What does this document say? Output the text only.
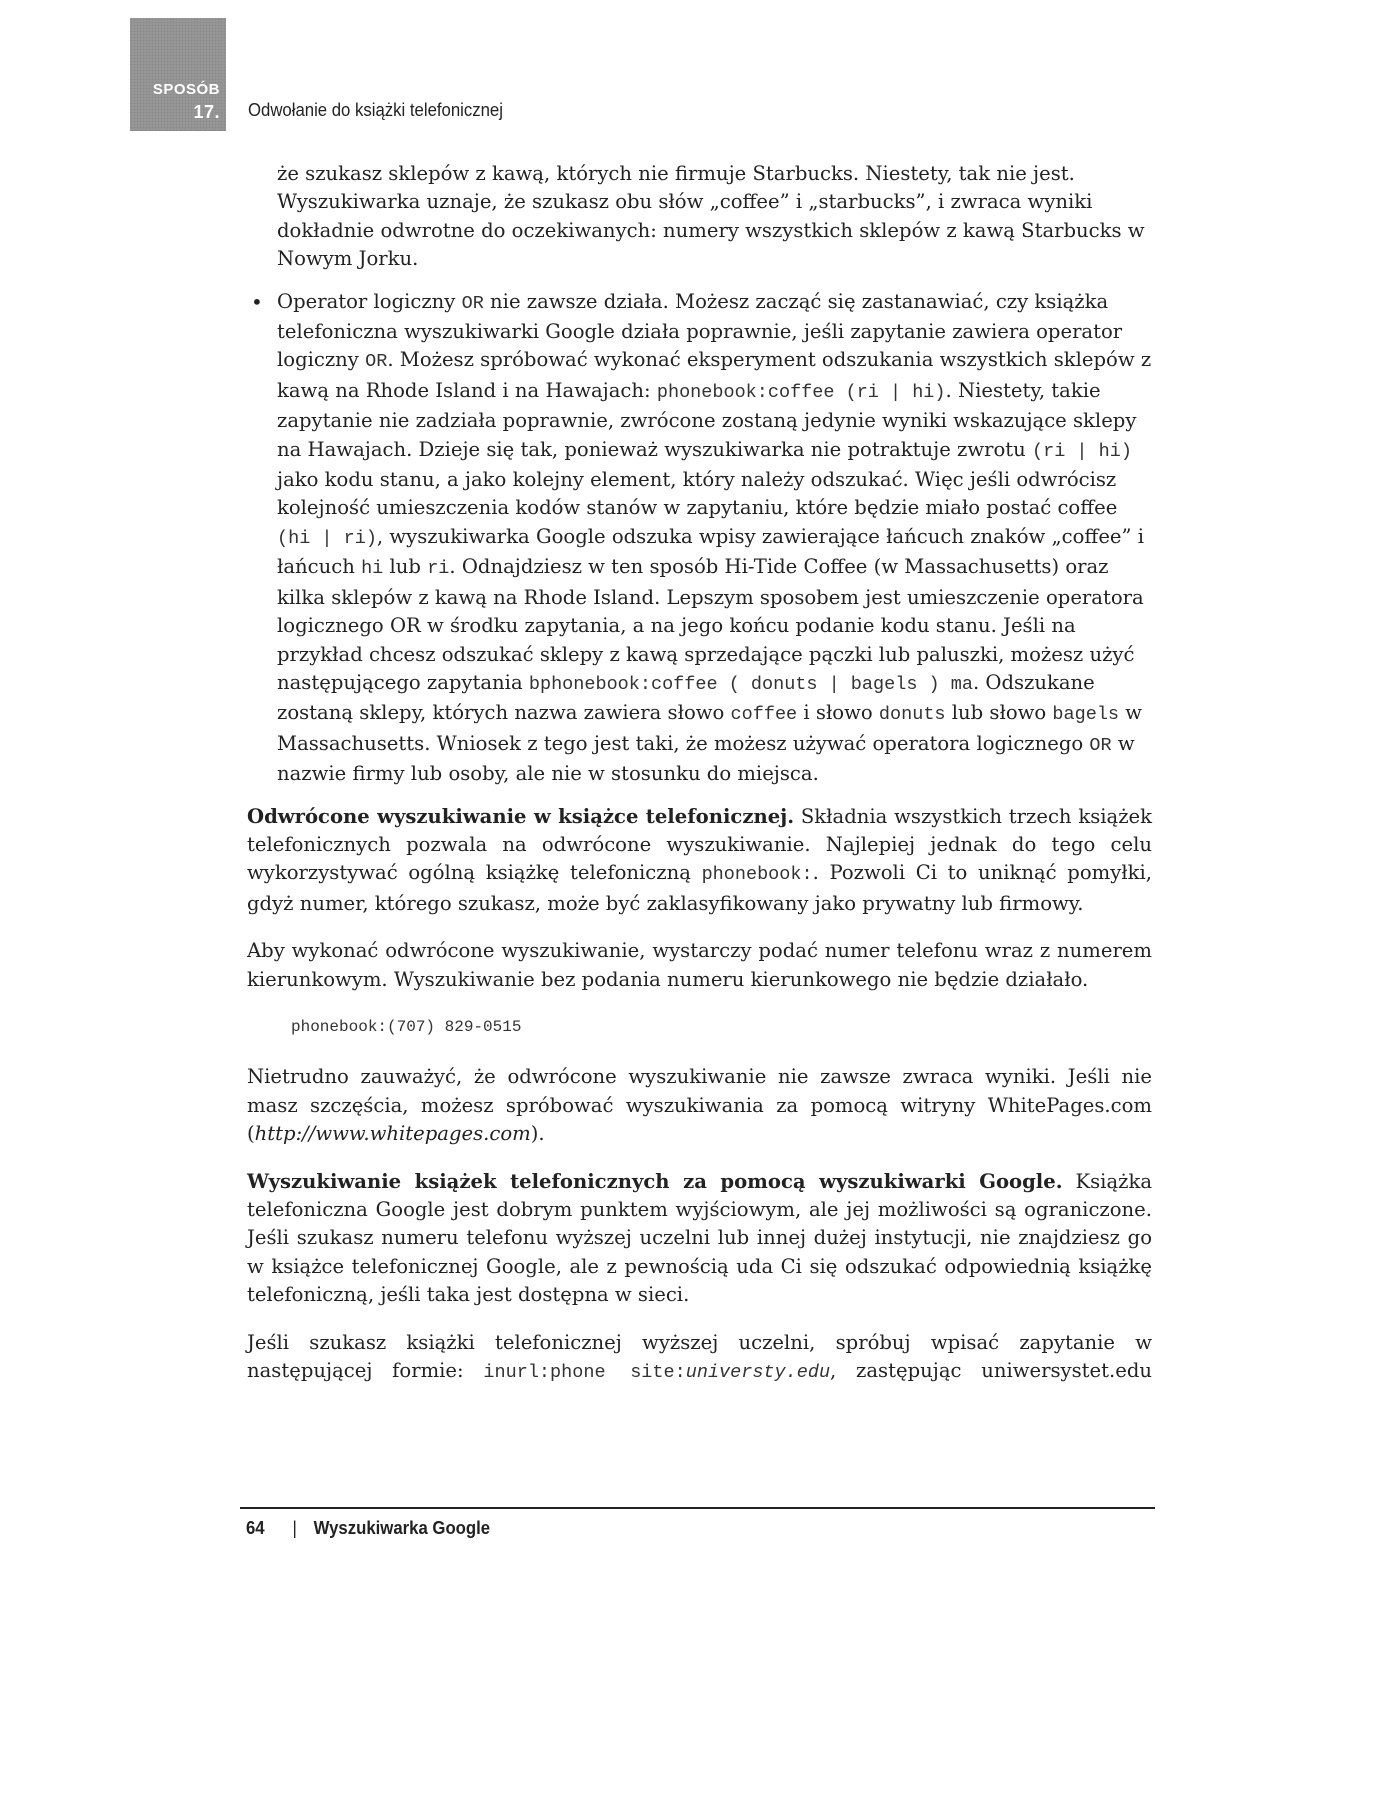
SPOSÓB
17. Odwołanie do książki telefonicznej

że szukasz sklepów z kawą, których nie firmuje Starbucks. Niestety, tak nie jest. Wyszukiwarka uznaje, że szukasz obu słów „coffee” i „starbucks”, i zwraca wyniki dokładnie odwrotne do oczekiwanych: numery wszystkich sklepów z kawą Starbucks w Nowym Jorku.

• Operator logiczny OR nie zawsze działa. Możesz zacząć się zastanawiać, czy książka telefoniczna wyszukiwarki Google działa poprawnie, jeśli zapytanie zawiera operator logiczny OR. Możesz spróbować wykonać eksperyment odszukania wszystkich sklepów z kawą na Rhode Island i na Hawajach: phonebook:coffee (ri | hi). Niestety, takie zapytanie nie zadziała poprawnie, zwrócone zostaną jedynie wyniki wskazujące sklepy na Hawajach. Dzieje się tak, ponieważ wyszukiwarka nie potraktuje zwrotu (ri | hi) jako kodu stanu, a jako kolejny element, który należy odszukać. Więc jeśli odwrócisz kolejność umieszczenia kodów stanów w zapytaniu, które będzie miało postać coffee (hi | ri), wyszukiwarka Google odszuka wpisy zawierające łańcuch znaków „coffee” i łańcuch hi lub ri. Odnajdziesz w ten sposób Hi-Tide Coffee (w Massachusetts) oraz kilka sklepów z kawą na Rhode Island. Lepszym sposobem jest umieszczenie operatora logicznego OR w środku zapytania, a na jego końcu podanie kodu stanu. Jeśli na przykład chcesz odszukać sklepy z kawą sprzedające pączki lub paluszki, możesz użyć następującego zapytania bphonebook:coffee ( donuts | bagels ) ma. Odszukane zostaną sklepy, których nazwa zawiera słowo coffee i słowo donuts lub słowo bagels w Massachusetts. Wniosek z tego jest taki, że możesz używać operatora logicznego OR w nazwie firmy lub osoby, ale nie w stosunku do miejsca.

Odwrócone wyszukiwanie w książce telefonicznej. Składnia wszystkich trzech książek telefonicznych pozwala na odwrócone wyszukiwanie. Najlepiej jednak do tego celu wykorzystywać ogólną książkę telefoniczną phonebook:. Pozwoli Ci to uniknąć pomyłki, gdyż numer, którego szukasz, może być zaklasyfikowany jako prywatny lub firmowy.

Aby wykonać odwrócone wyszukiwanie, wystarczy podać numer telefonu wraz z numerem kierunkowym. Wyszukiwanie bez podania numeru kierunkowego nie będzie działało.

phonebook:(707) 829-0515

Nietrudno zauważyć, że odwrócone wyszukiwanie nie zawsze zwraca wyniki. Jeśli nie masz szczęścia, możesz spróbować wyszukiwania za pomocą witryny WhitePages.com (http://www.whitepages.com).

Wyszukiwanie książek telefonicznych za pomocą wyszukiwarki Google. Książka telefoniczna Google jest dobrym punktem wyjściowym, ale jej możliwości są ograniczone. Jeśli szukasz numeru telefonu wyższej uczelni lub innej dużej instytucji, nie znajdziesz go w książce telefonicznej Google, ale z pewnością uda Ci się odszukać odpowiednią książkę telefoniczną, jeśli taka jest dostępna w sieci.

Jeśli szukasz książki telefonicznej wyższej uczelni, spróbuj wpisać zapytanie w następującej formie: inurl:phone site:universty.edu, zastępując uniwersystet.edu

64 | Wyszukiwarka Google
